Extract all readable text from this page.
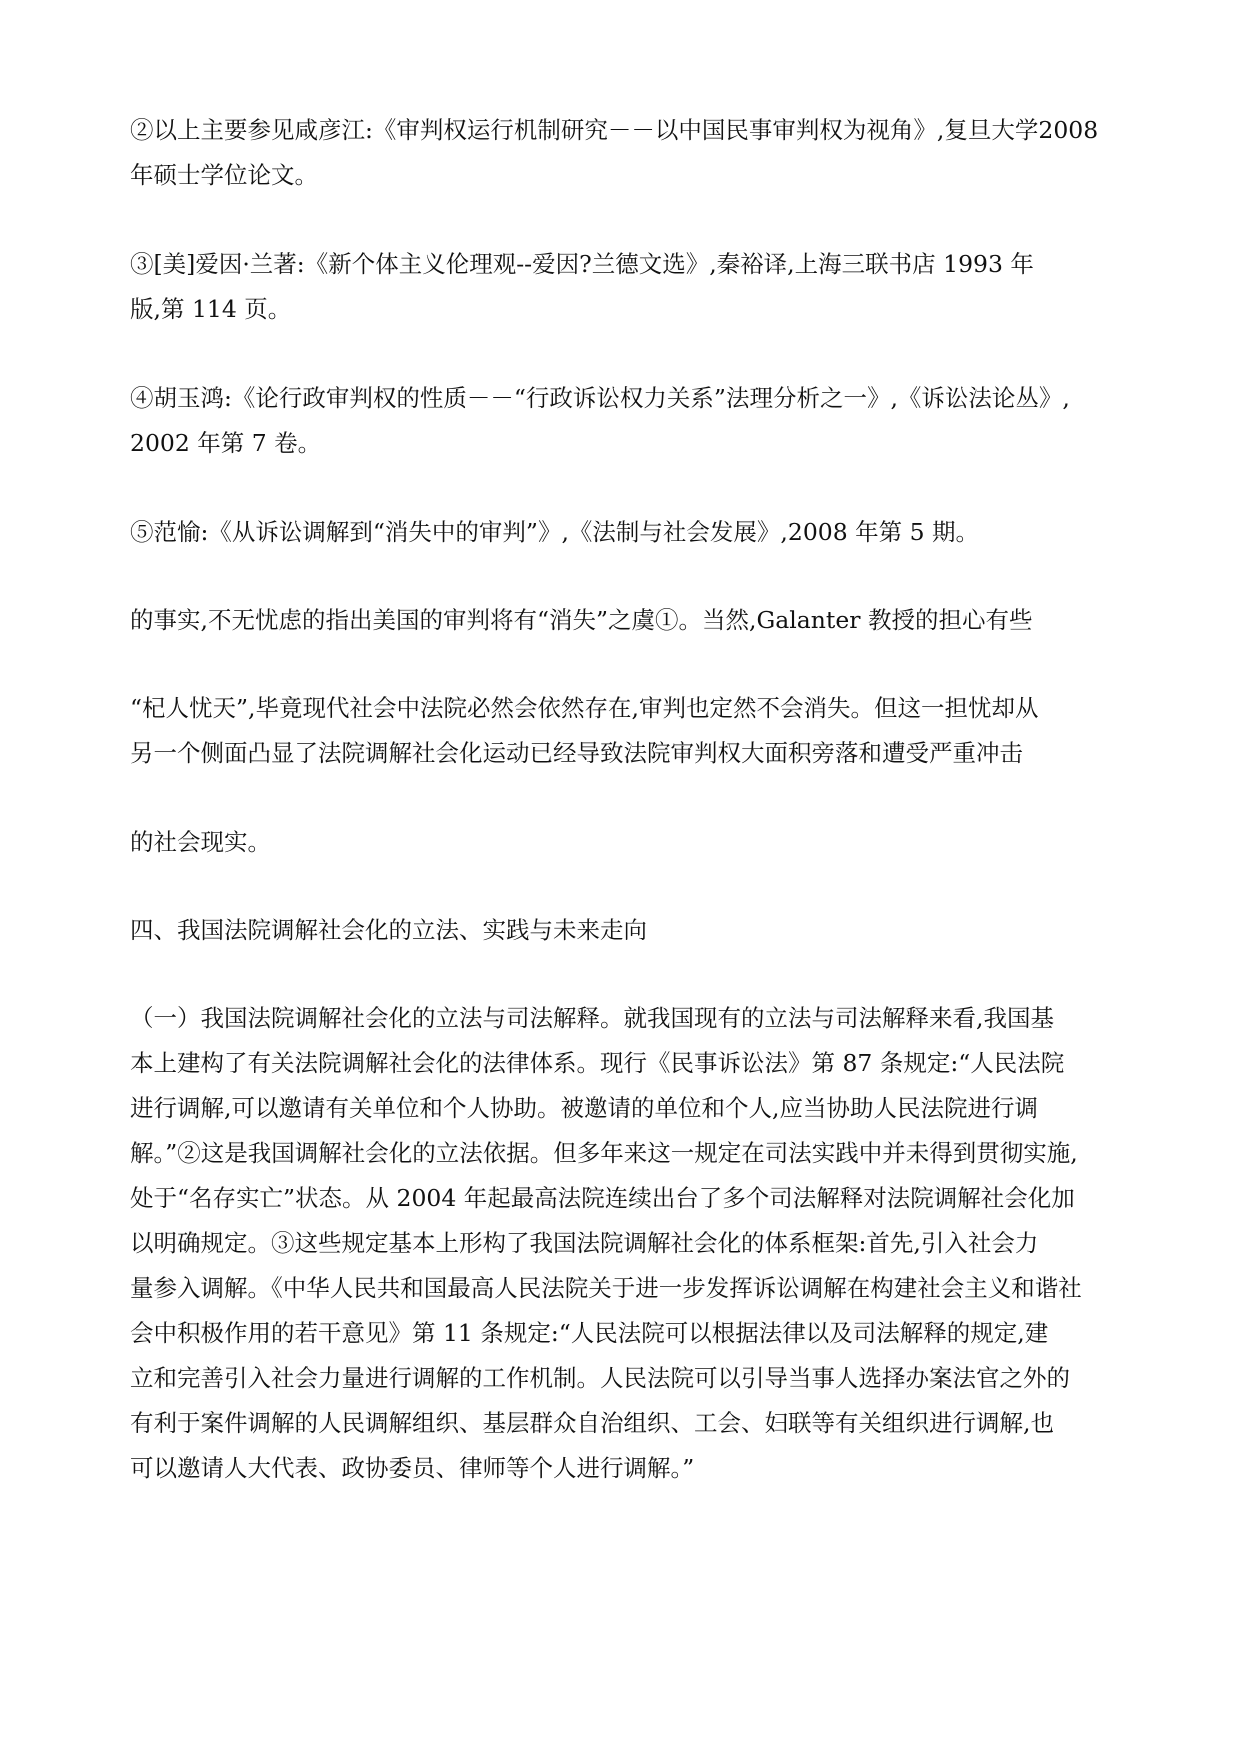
②以上主要参见咸彦江:《审判权运行机制研究－－以中国民事审判权为视角》,复旦大学2008
年硕士学位论文。

③[美]爱因·兰著:《新个体主义伦理观--爱因?兰德文选》,秦裕译,上海三联书店 1993 年
版,第 114 页。

④胡玉鸿:《论行政审判权的性质－－“行政诉讼权力关系”法理分析之一》,《诉讼法论丛》,
2002 年第 7 卷。

⑤范愉:《从诉讼调解到“消失中的审判”》,《法制与社会发展》,2008 年第 5 期。

的事实,不无忧虑的指出美国的审判将有“消失”之虞①。当然,Galanter 教授的担心有些

“杞人忧天”,毕竟现代社会中法院必然会依然存在,审判也定然不会消失。但这一担忧却从
另一个侧面凸显了法院调解社会化运动已经导致法院审判权大面积旁落和遭受严重冲击

的社会现实。

四、我国法院调解社会化的立法、实践与未来走向

（一）我国法院调解社会化的立法与司法解释。就我国现有的立法与司法解释来看,我国基
本上建构了有关法院调解社会化的法律体系。现行《民事诉讼法》第 87 条规定:“人民法院
进行调解,可以邀请有关单位和个人协助。被邀请的单位和个人,应当协助人民法院进行调
解。”②这是我国调解社会化的立法依据。但多年来这一规定在司法实践中并未得到贯彻实施,
处于“名存实亡”状态。从 2004 年起最高法院连续出台了多个司法解释对法院调解社会化加
以明确规定。③这些规定基本上形构了我国法院调解社会化的体系框架:首先,引入社会力
量参入调解。《中华人民共和国最高人民法院关于进一步发挥诉讼调解在构建社会主义和谐社
会中积极作用的若干意见》第 11 条规定:“人民法院可以根据法律以及司法解释的规定,建
立和完善引入社会力量进行调解的工作机制。人民法院可以引导当事人选择办案法官之外的
有利于案件调解的人民调解组织、基层群众自治组织、工会、妇联等有关组织进行调解,也
可以邀请人大代表、政协委员、律师等个人进行调解。”
